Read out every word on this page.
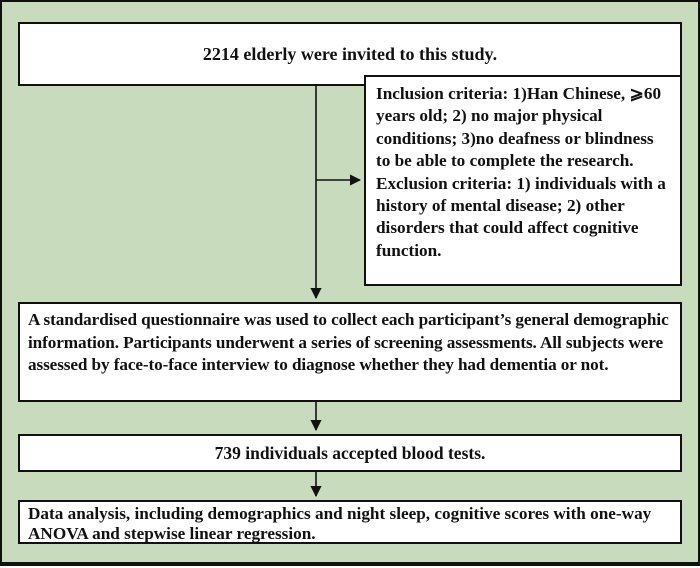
2214 elderly were invited to this study.

Inclusion criteria: 1)Han Chinese, ⩾60 years old; 2) no major physical conditions; 3)no deafness or blindness to be able to complete the research.

Exclusion criteria: 1) individuals with a history of mental disease; 2) other disorders that could affect cognitive function.

A standardised questionnaire was used to collect each participant’s general demographic information. Participants underwent a series of screening assessments. All subjects were assessed by face-to-face interview to diagnose whether they had dementia or not.
739 individuals accepted blood tests.
Data analysis, including demographics and night sleep, cognitive scores with one-way ANOVA and stepwise linear regression.
